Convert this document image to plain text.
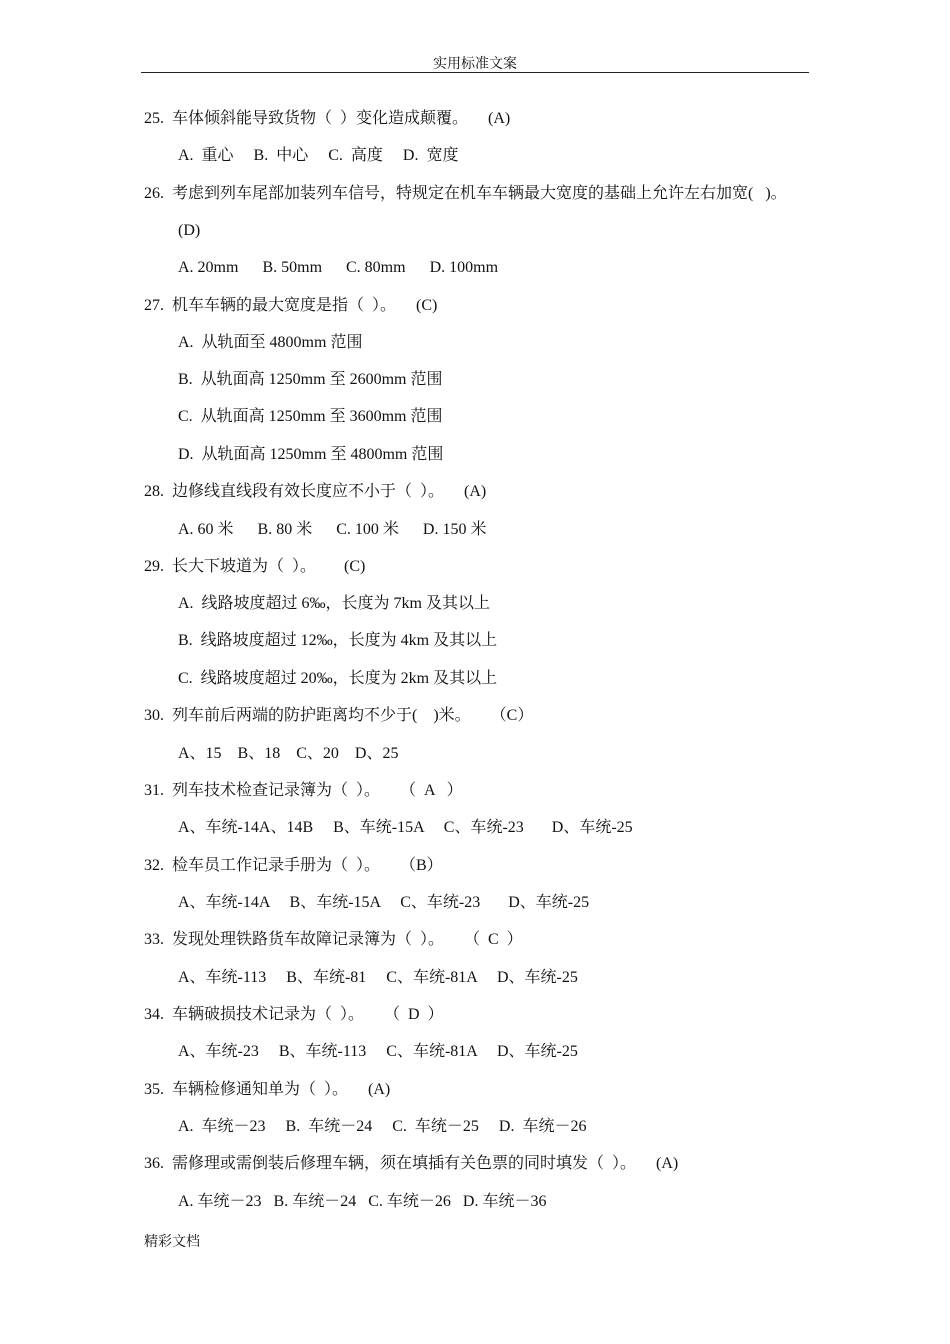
实用标准文案
25.  车体倾斜能导致货物（  ）变化造成颠覆。     (A)
A.  重心     B.  中心     C.  高度     D.  宽度
26.  考虑到列车尾部加装列车信号，特规定在机车车辆最大宽度的基础上允许左右加宽(   )。
(D)
A. 20mm      B. 50mm      C. 80mm      D. 100mm
27.  机车车辆的最大宽度是指（  ）。     (C)
A.  从轨面至 4800mm 范围
B.  从轨面高 1250mm 至 2600mm 范围
C.  从轨面高 1250mm 至 3600mm 范围
D.  从轨面高 1250mm 至 4800mm 范围
28.  边修线直线段有效长度应不小于（  ）。     (A)
A. 60 米      B. 80 米      C. 100 米      D. 150 米
29.  长大下坡道为（  ）。       (C)
A.  线路坡度超过 6‰，长度为 7km 及其以上
B.  线路坡度超过 12‰，长度为 4km 及其以上
C.  线路坡度超过 20‰，长度为 2km 及其以上
30.  列车前后两端的防护距离均不少于(    )米。     （C）
A、15    B、18    C、20    D、25
31.  列车技术检查记录簿为（  ）。     （  A   ）
A、车统-14A、14B     B、车统-15A     C、车统-23       D、车统-25
32.  检车员工作记录手册为（  ）。     （B）
A、车统-14A     B、车统-15A     C、车统-23       D、车统-25
33.  发现处理铁路货车故障记录簿为（  ）。     （  C  ）
A、车统-113     B、车统-81     C、车统-81A     D、车统-25
34.  车辆破损技术记录为（  ）。     （  D  ）
A、车统-23     B、车统-113     C、车统-81A     D、车统-25
35.  车辆检修通知单为（  ）。     (A)
A.  车统－23     B.  车统－24     C.  车统－25     D.  车统－26
36.  需修理或需倒装后修理车辆，须在填插有关色票的同时填发（  ）。     (A)
A. 车统－23   B. 车统－24   C. 车统－26   D. 车统－36
精彩文档
